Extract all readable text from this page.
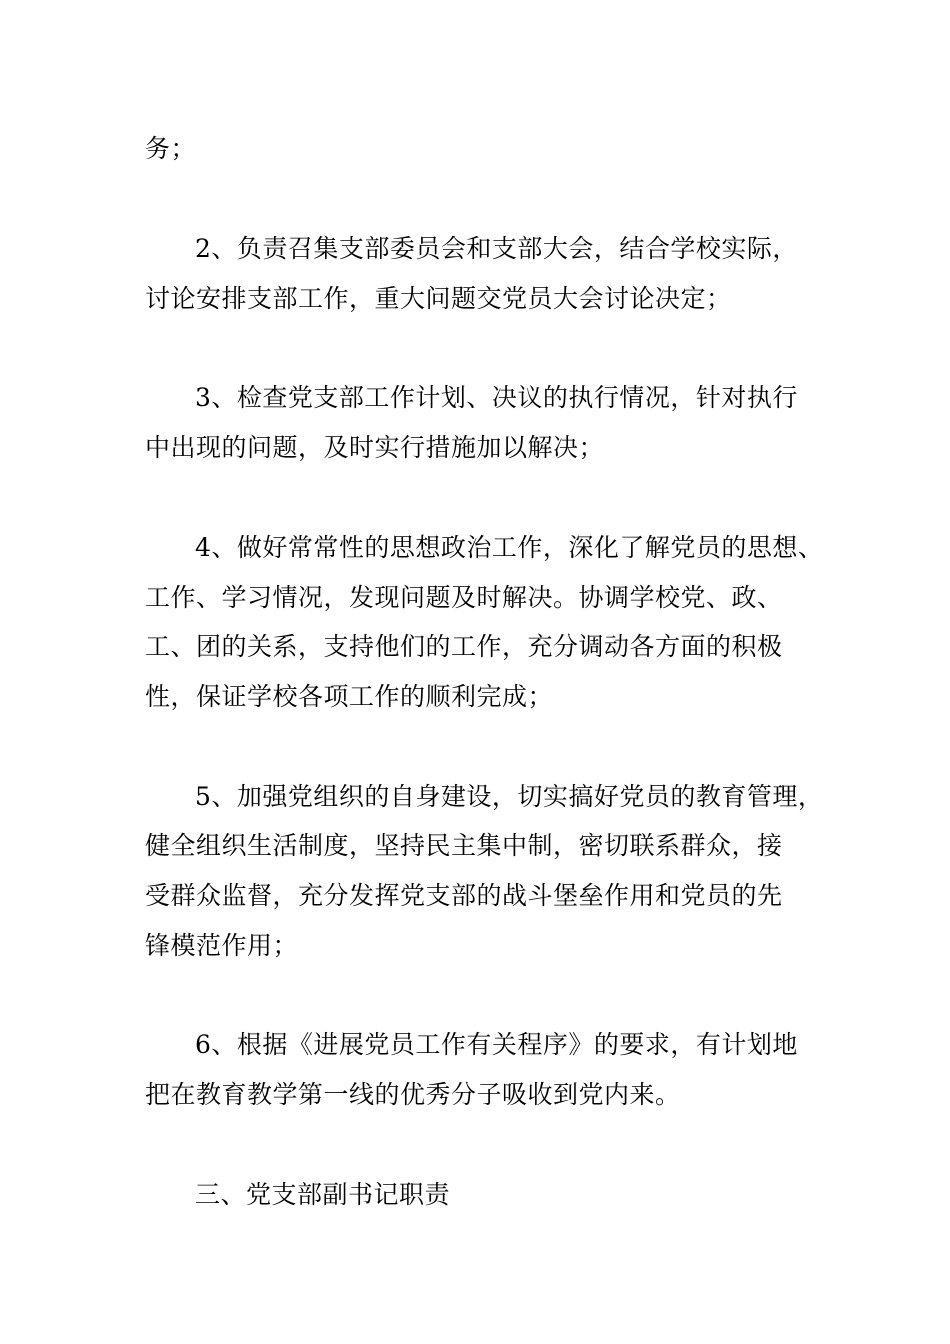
务；
2、负责召集支部委员会和支部大会，结合学校实际，
讨论安排支部工作，重大问题交党员大会讨论决定；
3、检查党支部工作计划、决议的执行情况，针对执行
中出现的问题，及时实行措施加以解决；
4、做好常常性的思想政治工作，深化了解党员的思想、
工作、学习情况，发现问题及时解决。协调学校党、政、
工、团的关系，支持他们的工作，充分调动各方面的积极
性，保证学校各项工作的顺利完成；
5、加强党组织的自身建设，切实搞好党员的教育管理，
健全组织生活制度，坚持民主集中制，密切联系群众，接
受群众监督，充分发挥党支部的战斗堡垒作用和党员的先
锋模范作用；
6、根据《进展党员工作有关程序》的要求，有计划地
把在教育教学第一线的优秀分子吸收到党内来。
三、党支部副书记职责
